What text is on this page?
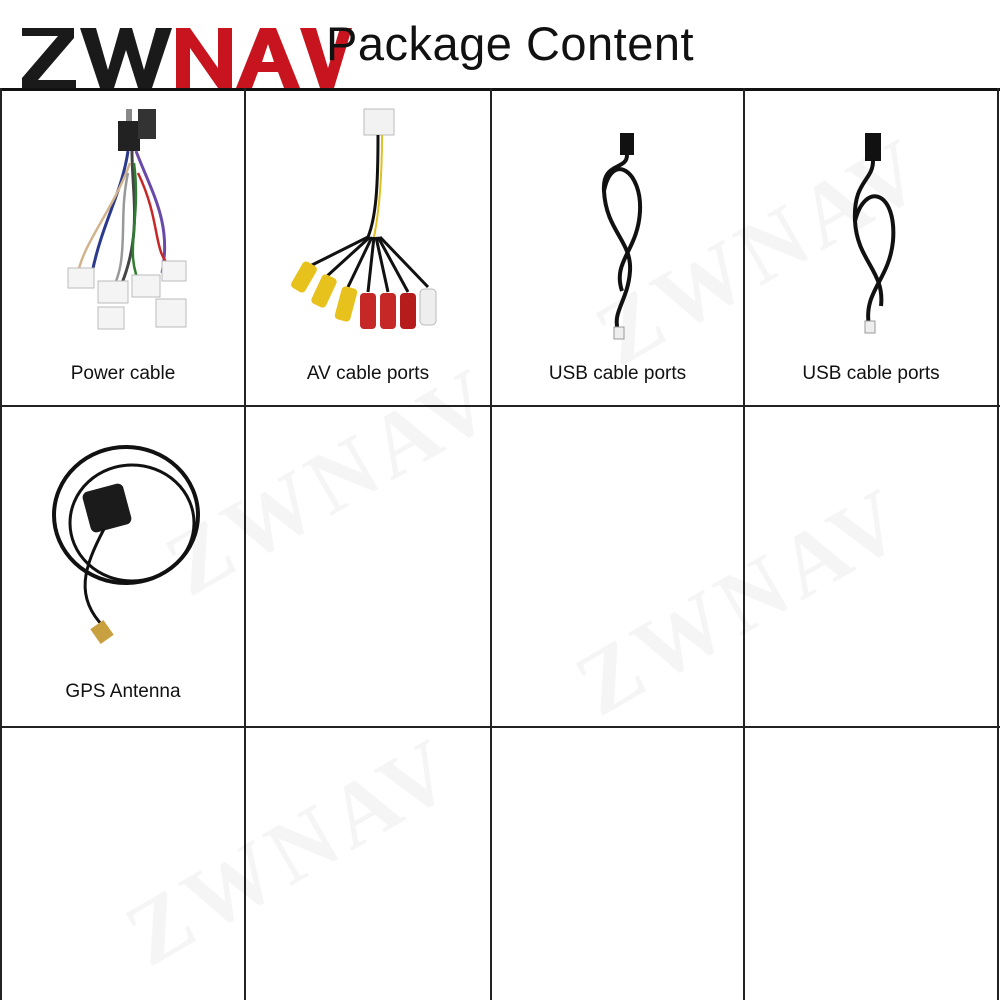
Package Content
Power cable	AV cable ports	USB cable ports	USB cable ports
GPS Antenna
